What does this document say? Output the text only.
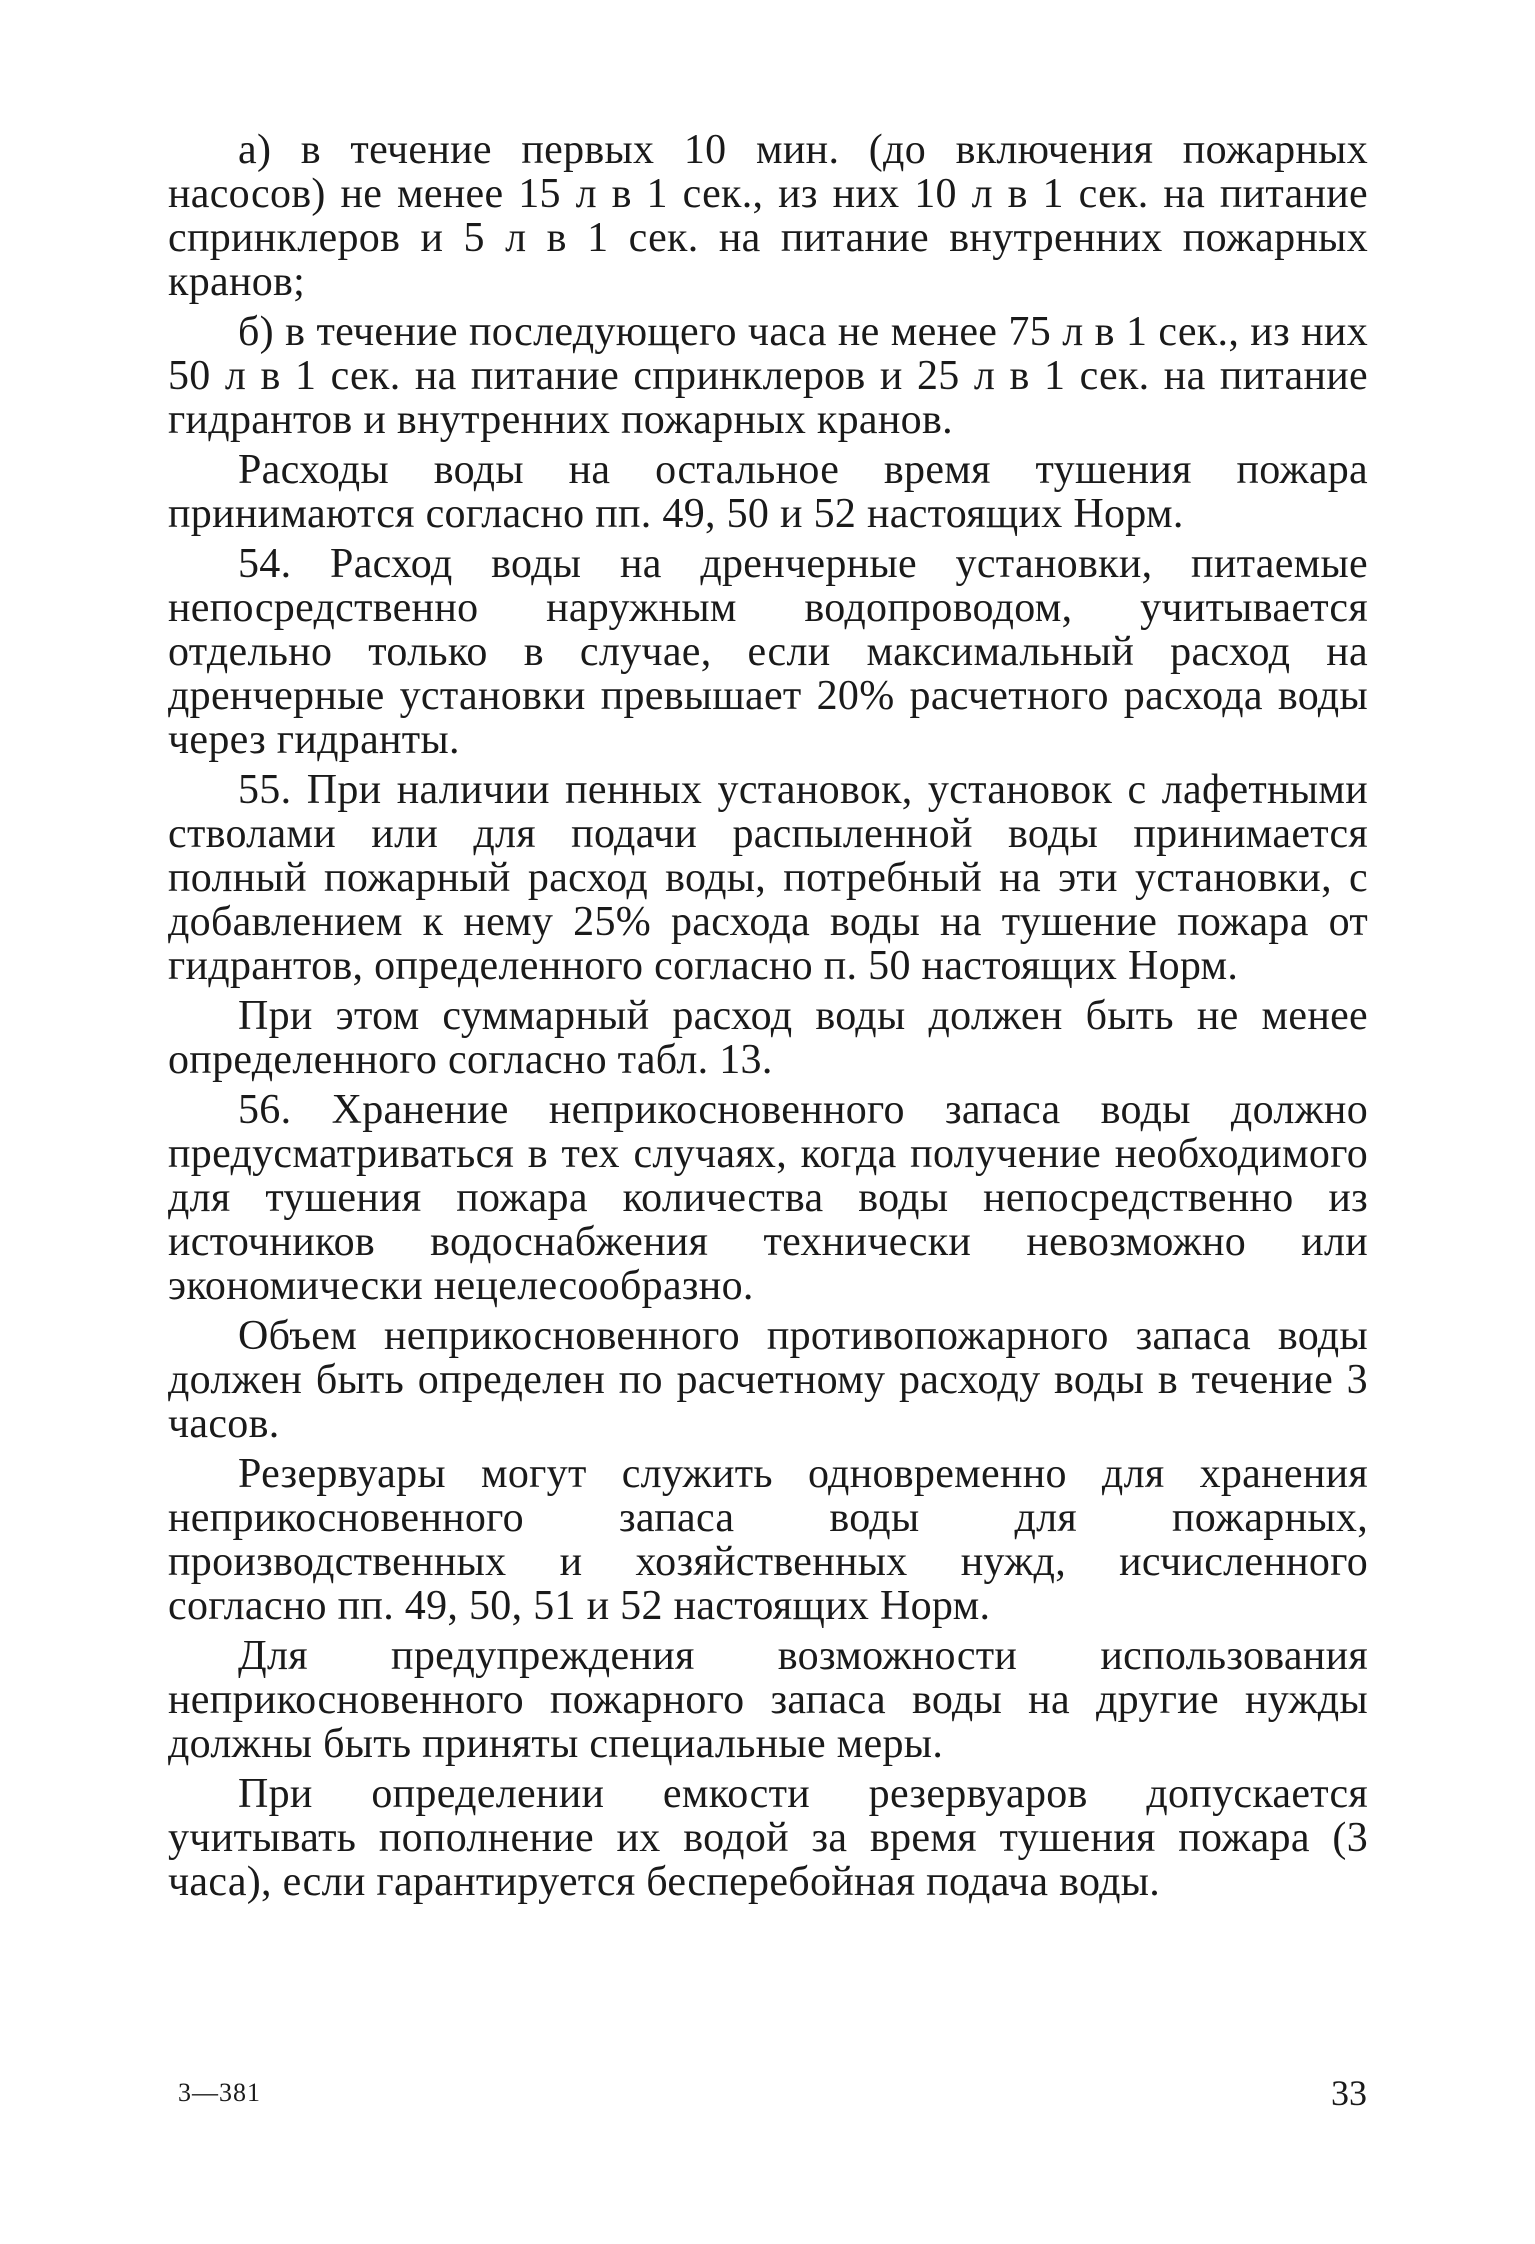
а) в течение первых 10 мин. (до включения пожарных насосов) не менее 15 л в 1 сек., из них 10 л в 1 сек. на питание спринклеров и 5 л в 1 сек. на питание внутренних пожарных кранов;

б) в течение последующего часа не менее 75 л в 1 сек., из них 50 л в 1 сек. на питание спринклеров и 25 л в 1 сек. на питание гидрантов и внутренних пожарных кранов.

Расходы воды на остальное время тушения пожара принимаются согласно пп. 49, 50 и 52 настоящих Норм.

54. Расход воды на дренчерные установки, питаемые непосредственно наружным водопроводом, учитывается отдельно только в случае, если максимальный расход на дренчерные установки превышает 20% расчетного расхода воды через гидранты.

55. При наличии пенных установок, установок с лафетными стволами или для подачи распыленной воды принимается полный пожарный расход воды, потребный на эти установки, с добавлением к нему 25% расхода воды на тушение пожара от гидрантов, определенного согласно п. 50 настоящих Норм.

При этом суммарный расход воды должен быть не менее определенного согласно табл. 13.

56. Хранение неприкосновенного запаса воды должно предусматриваться в тех случаях, когда получение необходимого для тушения пожара количества воды непосредственно из источников водоснабжения технически невозможно или экономически нецелесообразно.

Объем неприкосновенного противопожарного запаса воды должен быть определен по расчетному расходу воды в течение 3 часов.

Резервуары могут служить одновременно для хранения неприкосновенного запаса воды для пожарных, производственных и хозяйственных нужд, исчисленного согласно пп. 49, 50, 51 и 52 настоящих Норм.

Для предупреждения возможности использования неприкосновенного пожарного запаса воды на другие нужды должны быть приняты специальные меры.

При определении емкости резервуаров допускается учитывать пополнение их водой за время тушения пожара (3 часа), если гарантируется бесперебойная подача воды.

3—381	33
